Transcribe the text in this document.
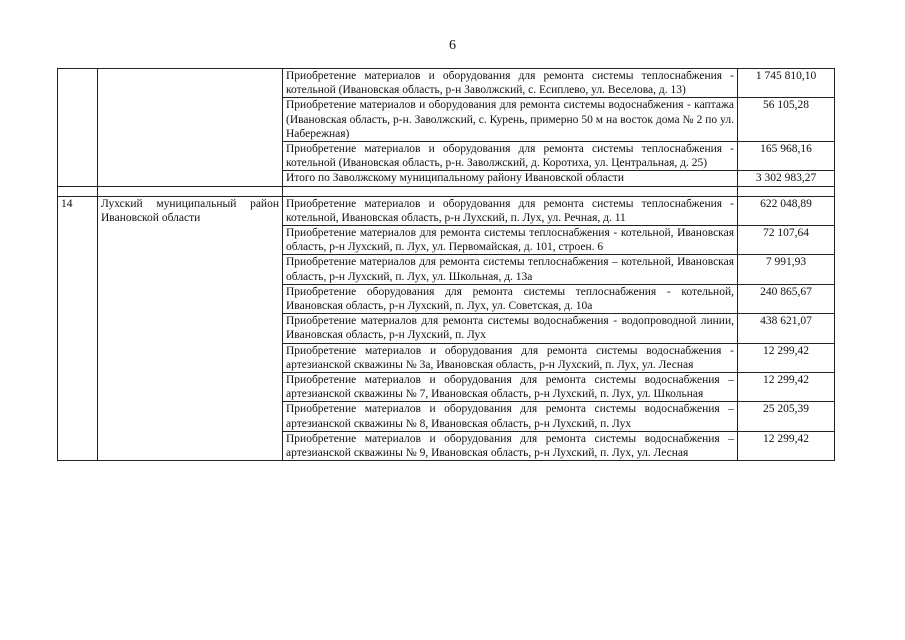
6
		Приобретение материалов и оборудования для ремонта системы теплоснабжения - котельной (Ивановская область, р-н Заволжский, с. Есиплево, ул. Веселова, д. 13)	1 745 810,10
		Приобретение материалов и оборудования для ремонта системы водоснабжения - каптажа (Ивановская область, р-н. Заволжский, с. Курень, примерно 50 м на восток дома № 2 по ул. Набережная)	56 105,28
		Приобретение материалов и оборудования для ремонта системы теплоснабжения - котельной (Ивановская область, р-н. Заволжский, д. Коротиха, ул. Центральная, д. 25)	165 968,16
		Итого по Заволжскому муниципальному району Ивановской области	3 302 983,27

14	Лухский муниципальный район Ивановской области	Приобретение материалов и оборудования для ремонта системы теплоснабжения - котельной, Ивановская область, р-н Лухский, п. Лух, ул. Речная, д. 11	622 048,89
		Приобретение материалов для ремонта системы теплоснабжения - котельной, Ивановская область, р-н Лухский, п. Лух, ул. Первомайская, д. 101, строен. 6	72 107,64
		Приобретение материалов для ремонта системы теплоснабжения – котельной, Ивановская область, р-н Лухский, п. Лух, ул. Школьная, д. 13а	7 991,93
		Приобретение оборудования для ремонта системы теплоснабжения - котельной, Ивановская область, р-н Лухский, п. Лух, ул. Советская, д. 10а	240 865,67
		Приобретение материалов для ремонта системы водоснабжения - водопроводной линии, Ивановская область, р-н Лухский, п. Лух	438 621,07
		Приобретение материалов и оборудования для ремонта системы водоснабжения - артезианской скважины № 3а, Ивановская область, р-н Лухский, п. Лух, ул. Лесная	12 299,42
		Приобретение материалов и оборудования для ремонта системы водоснабжения – артезианской скважины № 7, Ивановская область, р-н Лухский, п. Лух, ул. Школьная	12 299,42
		Приобретение материалов и оборудования для ремонта системы водоснабжения – артезианской скважины № 8, Ивановская область, р-н Лухский, п. Лух	25 205,39
		Приобретение материалов и оборудования для ремонта системы водоснабжения – артезианской скважины № 9, Ивановская область, р-н Лухский, п. Лух, ул. Лесная	12 299,42
